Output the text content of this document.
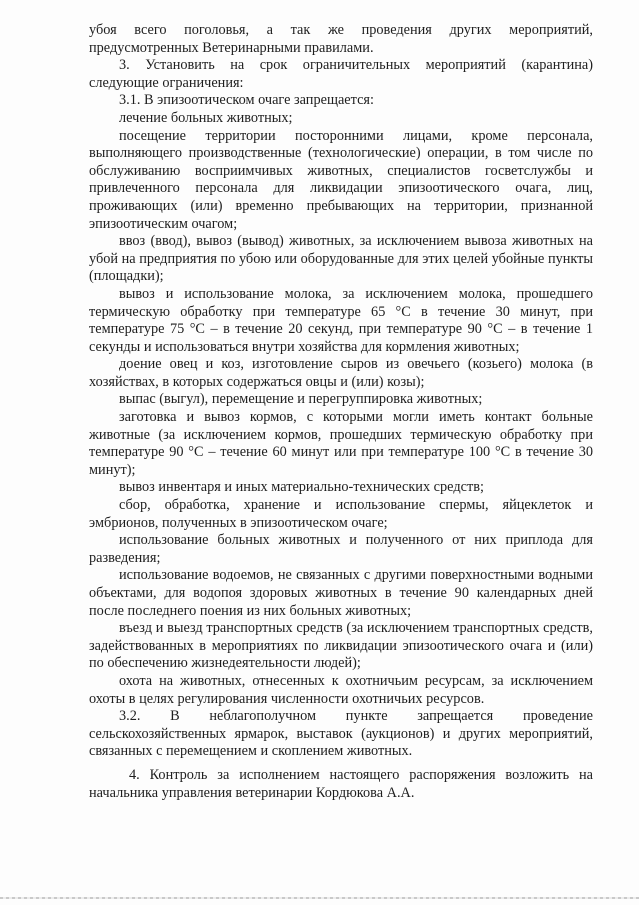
убоя всего поголовья, а так же проведения других мероприятий, предусмотренных Ветеринарными правилами.

3. Установить на срок ограничительных мероприятий (карантина) следующие ограничения:

3.1. В эпизоотическом очаге запрещается:

лечение больных животных;

посещение территории посторонними лицами, кроме персонала, выполняющего производственные (технологические) операции, в том числе по обслуживанию восприимчивых животных, специалистов госветслужбы и привлеченного персонала для ликвидации эпизоотического очага, лиц, проживающих (или) временно пребывающих на территории, признанной эпизоотическим очагом;

ввоз (ввод), вывоз (вывод) животных, за исключением вывоза животных на убой на предприятия по убою или оборудованные для этих целей убойные пункты (площадки);

вывоз и использование молока, за исключением молока, прошедшего термическую обработку при температуре 65 °С в течение 30 минут, при температуре 75 °С – в течение 20 секунд, при температуре 90 °С – в течение 1 секунды и использоваться внутри хозяйства для кормления животных;

доение овец и коз, изготовление сыров из овечьего (козьего) молока (в хозяйствах, в которых содержаться овцы и (или) козы);

выпас (выгул), перемещение и перегруппировка животных;

заготовка и вывоз кормов, с которыми могли иметь контакт больные животные (за исключением кормов, прошедших термическую обработку при температуре 90 °С – течение 60 минут или при температуре 100 °С в течение 30 минут);

вывоз инвентаря и иных материально-технических средств;

сбор, обработка, хранение и использование спермы, яйцеклеток и эмбрионов, полученных в эпизоотическом очаге;

использование больных животных и полученного от них приплода для разведения;

использование водоемов, не связанных с другими поверхностными водными объектами, для водопоя здоровых животных в течение 90 календарных дней после последнего поения из них больных животных;

въезд и выезд транспортных средств (за исключением транспортных средств, задействованных в мероприятиях по ликвидации эпизоотического очага и (или) по обеспечению жизнедеятельности людей);

охота на животных, отнесенных к охотничьим ресурсам, за исключением охоты в целях регулирования численности охотничьих ресурсов.

3.2. В неблагополучном пункте запрещается проведение сельскохозяйственных ярмарок, выставок (аукционов) и других мероприятий, связанных с перемещением и скоплением животных.

4. Контроль за исполнением настоящего распоряжения возложить на начальника управления ветеринарии Кордюкова А.А.
